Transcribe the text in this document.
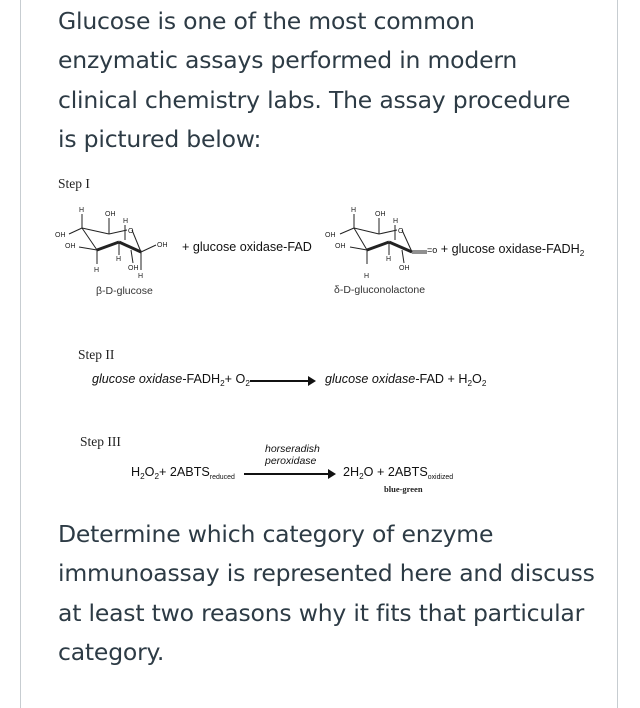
Glucose is one of the most common
enzymatic assays performed in modern
clinical chemistry labs. The assay procedure
is pictured below:
Step I
H
OH
H
O
OH
OH	OH
H
OH
H
H
+ glucose oxidase-FAD
β-D-glucose
H
OH
H
O
OH
OH
H
OH
H
=o + glucose oxidase-$FADH_2$
δ-D-gluconolactone
Step II
glucose oxidase-$FADH_2+ O_2$	glucose oxidase-FAD + $H_2O_2$
Step III	horseradish
peroxidase
$H_2O_2+$ $2ABTS_{reduced}$	$2H_2O$ + $2ABTS_{oxidized}$
blue-green
Determine which category of enzyme
immunoassay is represented here and discuss
at least two reasons why it fits that particular
category.
